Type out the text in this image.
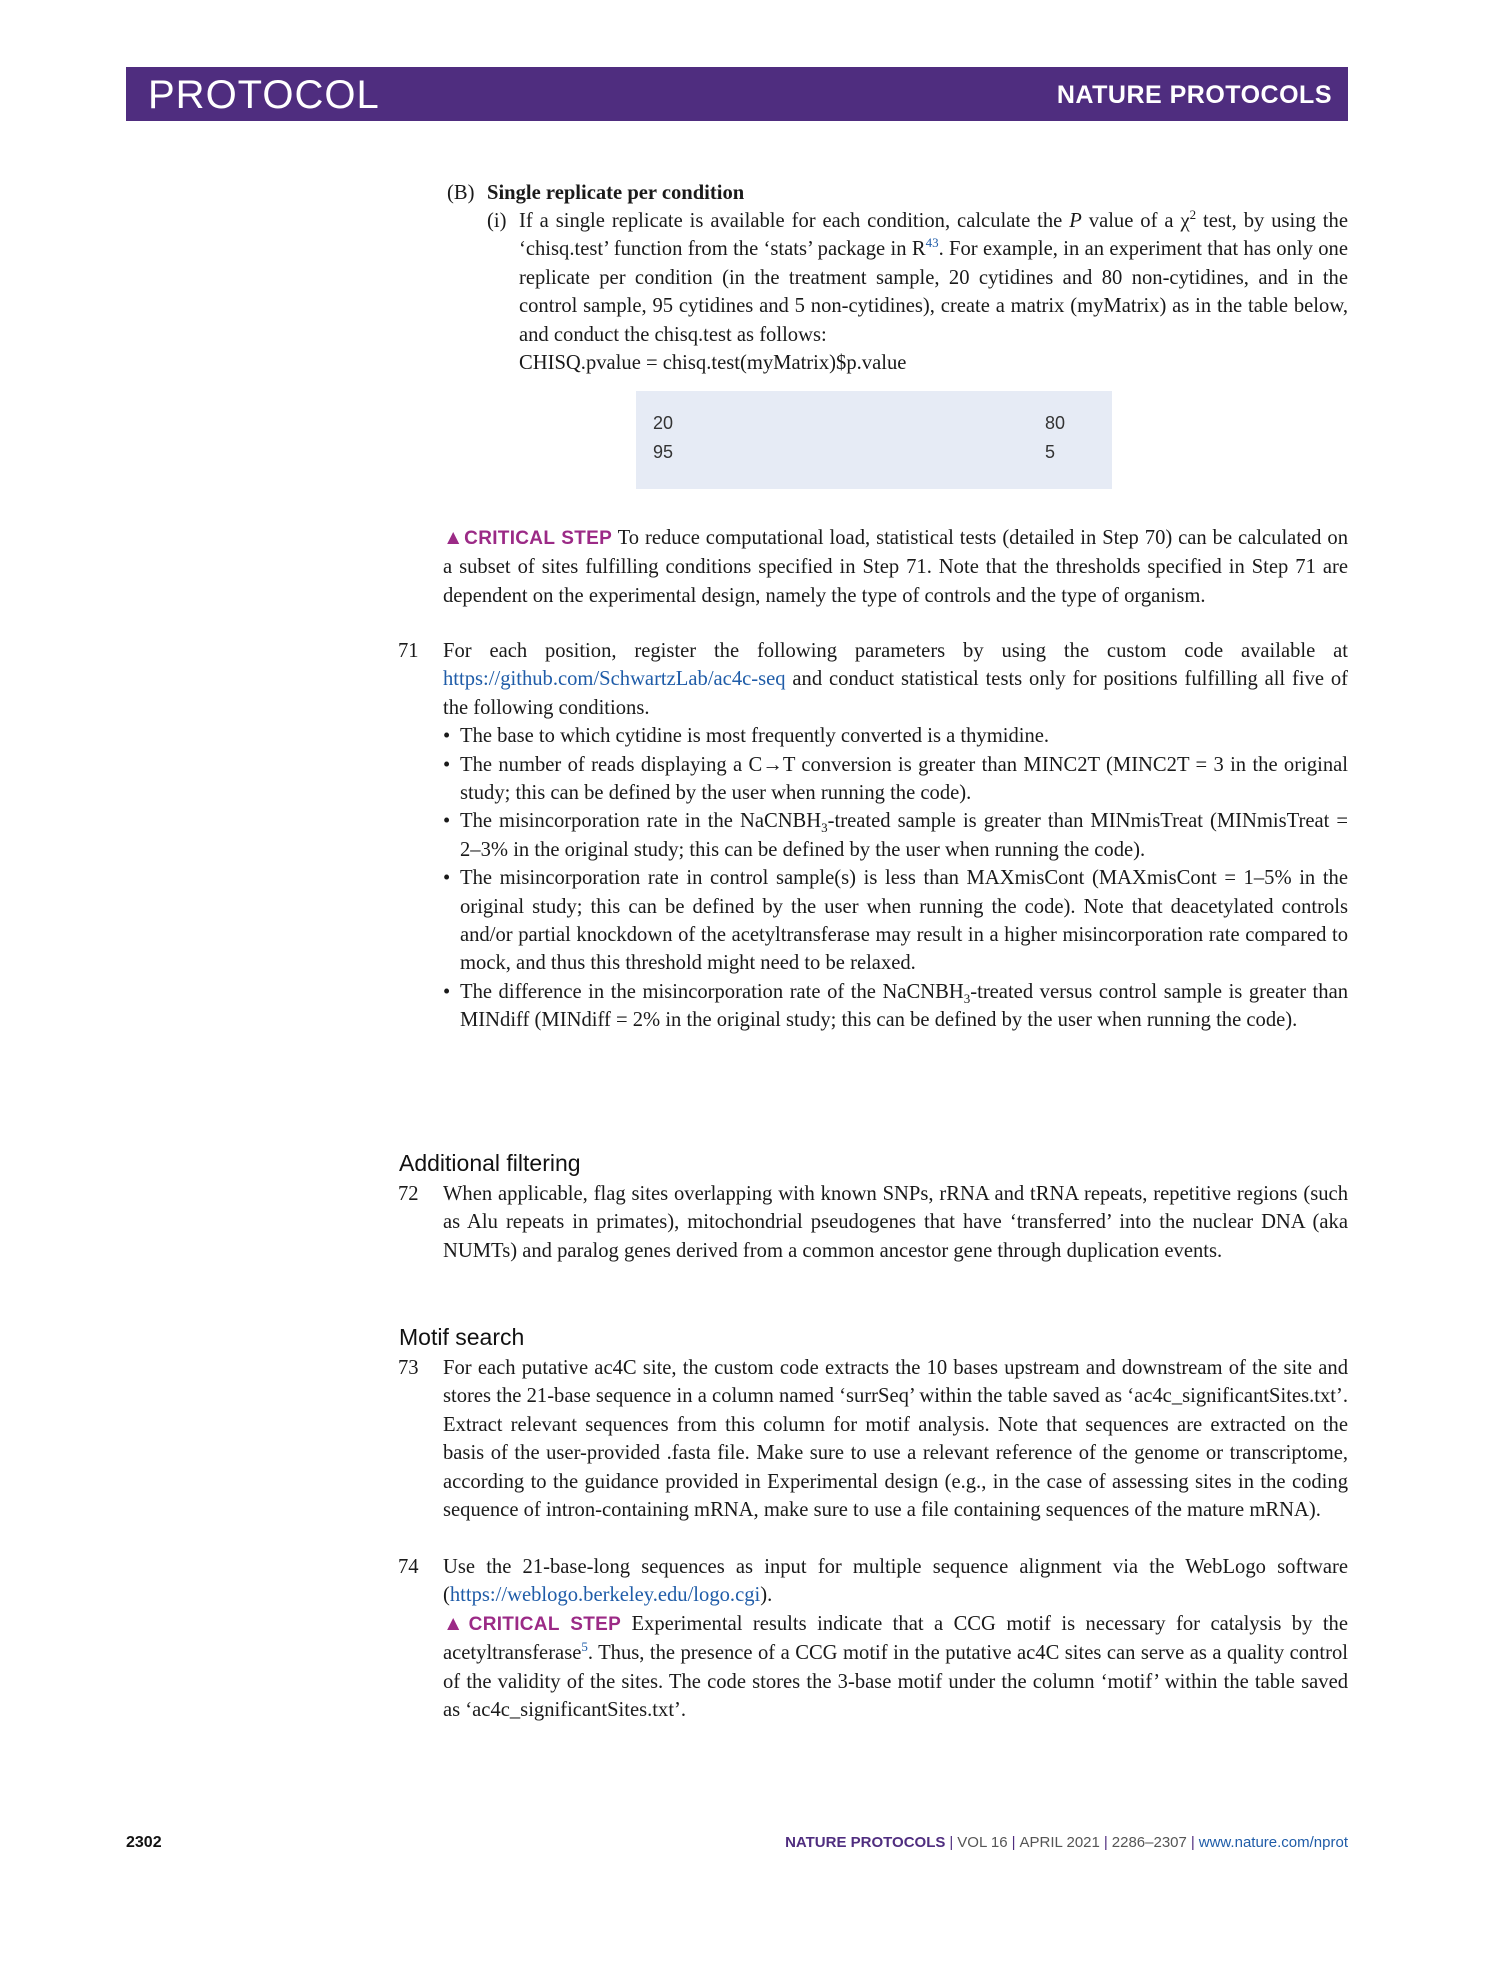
PROTOCOL	NATURE PROTOCOLS
(B) Single replicate per condition
(i) If a single replicate is available for each condition, calculate the P value of a $\chi^2$ test, by using the ‘chisq.test’ function from the ‘stats’ package in $R^{43}$. For example, in an experiment that has only one replicate per condition (in the treatment sample, 20 cytidines and 80 non-cytidines, and in the control sample, 95 cytidines and 5 non-cytidines), create a matrix (myMatrix) as in the table below, and conduct the chisq.test as follows:
CHISQ.pvalue = chisq.test(myMatrix)$p.value
20	80
95	5
▲CRITICAL STEP To reduce computational load, statistical tests (detailed in Step 70) can be calculated on a subset of sites fulfilling conditions specified in Step 71. Note that the thresholds specified in Step 71 are dependent on the experimental design, namely the type of controls and the type of organism.
71 For each position, register the following parameters by using the custom code available at https://github.com/SchwartzLab/ac4c-seq and conduct statistical tests only for positions fulfilling all five of the following conditions.
• The base to which cytidine is most frequently converted is a thymidine.
• The number of reads displaying a C→T conversion is greater than MINC2T (MINC2T = 3 in the original study; this can be defined by the user when running the code).
• The misincorporation rate in the NaCNBH$_3$-treated sample is greater than MINmisTreat (MINmisTreat = 2–3% in the original study; this can be defined by the user when running the code).
• The misincorporation rate in control sample(s) is less than MAXmisCont (MAXmisCont = 1–5% in the original study; this can be defined by the user when running the code). Note that deacetylated controls and/or partial knockdown of the acetyltransferase may result in a higher misincorporation rate compared to mock, and thus this threshold might need to be relaxed.
• The difference in the misincorporation rate of the NaCNBH$_3$-treated versus control sample is greater than MINdiff (MINdiff = 2% in the original study; this can be defined by the user when running the code).
Additional filtering
72 When applicable, flag sites overlapping with known SNPs, rRNA and tRNA repeats, repetitive regions (such as Alu repeats in primates), mitochondrial pseudogenes that have ‘transferred’ into the nuclear DNA (aka NUMTs) and paralog genes derived from a common ancestor gene through duplication events.
Motif search
73 For each putative ac4C site, the custom code extracts the 10 bases upstream and downstream of the site and stores the 21-base sequence in a column named ‘surrSeq’ within the table saved as ‘ac4c_significantSites.txt’. Extract relevant sequences from this column for motif analysis. Note that sequences are extracted on the basis of the user-provided .fasta file. Make sure to use a relevant reference of the genome or transcriptome, according to the guidance provided in Experimental design (e.g., in the case of assessing sites in the coding sequence of intron-containing mRNA, make sure to use a file containing sequences of the mature mRNA).
74 Use the 21-base-long sequences as input for multiple sequence alignment via the WebLogo software (https://weblogo.berkeley.edu/logo.cgi).
▲CRITICAL STEP Experimental results indicate that a CCG motif is necessary for catalysis by the acetyltransferase$^5$. Thus, the presence of a CCG motif in the putative ac4C sites can serve as a quality control of the validity of the sites. The code stores the 3-base motif under the column ‘motif’ within the table saved as ‘ac4c_significantSites.txt’.
2302	NATURE PROTOCOLS | VOL 16 | APRIL 2021 | 2286–2307 | www.nature.com/nprot
